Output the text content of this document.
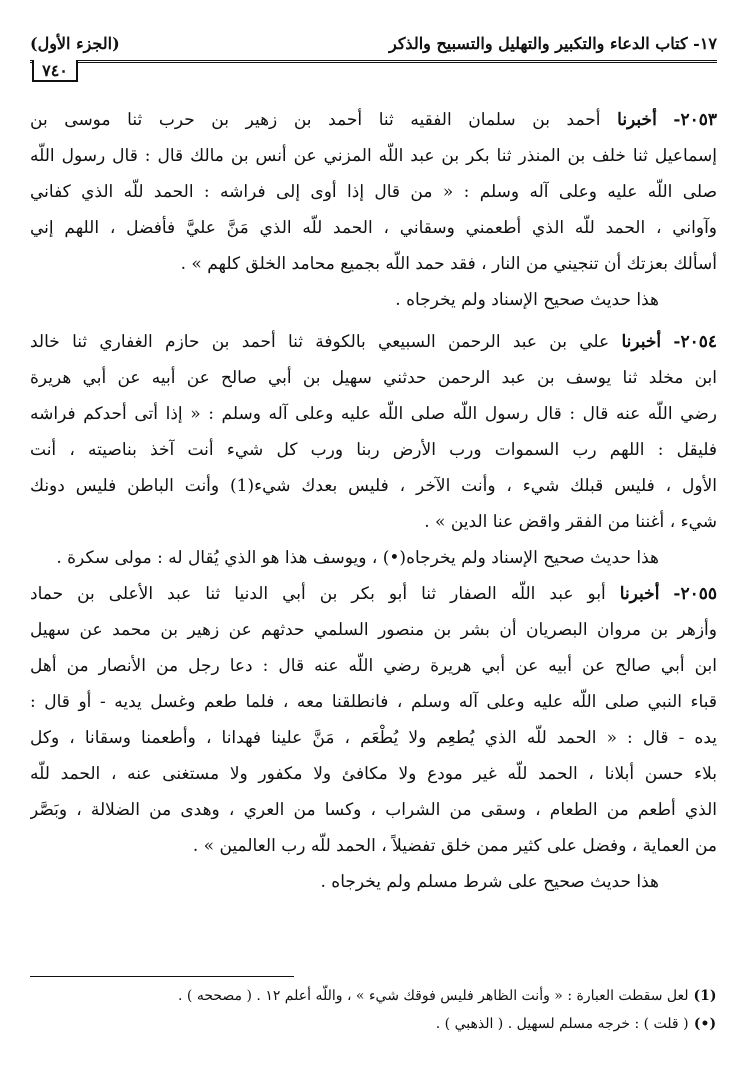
١٧- كتاب الدعاء والتكبير والتهليل والتسبيح والذكر
(الجزء الأول)
٧٤٠
٢٠٥٣- أخبرنا أحمد بن سلمان الفقيه ثنا أحمد بن زهير بن حرب ثنا موسى بن
إسماعيل ثنا خلف بن المنذر ثنا بكر بن عبد اللّه المزني عن أنس بن مالك قال : قال رسول اللّه
صلى اللّه عليه وعلى آله وسلم : « من قال إذا أوى إلى فراشه : الحمد للّه الذي كفاني
وآواني ، الحمد للّه الذي أطعمني وسقاني ، الحمد للّه الذي مَنَّ عليَّ فأفضل ، اللهم إني
أسألك بعزتك أن تنجيني من النار ، فقد حمد اللّه بجميع محامد الخلق كلهم » .
هذا حديث صحيح الإسناد ولم يخرجاه .
٢٠٥٤- أخبرنا علي بن عبد الرحمن السبيعي بالكوفة ثنا أحمد بن حازم الغفاري ثنا خالد
ابن مخلد ثنا يوسف بن عبد الرحمن حدثني سهيل بن أبي صالح عن أبيه عن أبي هريرة
رضي اللّه عنه قال : قال رسول اللّه صلى اللّه عليه وعلى آله وسلم : « إذا أتى أحدكم فراشه
فليقل : اللهم رب السموات ورب الأرض ربنا ورب كل شيء أنت آخذ بناصيته ، أنت
الأول ، فليس قبلك شيء ، وأنت الآخر ، فليس بعدك شيء(1) وأنت الباطن فليس دونك
شيء ، أغننا من الفقر واقض عنا الدين » .
هذا حديث صحيح الإسناد ولم يخرجاه(•) ، ويوسف هذا هو الذي يُقال له : مولى سكرة .
٢٠٥٥- أخبرنا أبو عبد اللّه الصفار ثنا أبو بكر بن أبي الدنيا ثنا عبد الأعلى بن حماد
وأزهر بن مروان البصريان أن بشر بن منصور السلمي حدثهم عن زهير بن محمد عن سهيل
ابن أبي صالح عن أبيه عن أبي هريرة رضي اللّه عنه قال : دعا رجل من الأنصار من أهل
قباء النبي صلى اللّه عليه وعلى آله وسلم ، فانطلقنا معه ، فلما طعم وغسل يديه - أو قال :
يده - قال : « الحمد للّه الذي يُطعِم ولا يُطْعَم ، مَنَّ علينا فهدانا ، وأطعمنا وسقانا ، وكل
بلاء حسن أبلانا ، الحمد للّه غير مودع ولا مكافئ ولا مكفور ولا مستغنى عنه ، الحمد للّه
الذي أطعم من الطعام ، وسقى من الشراب ، وكسا من العري ، وهدى من الضلالة ، وبَصَّر
من العماية ، وفضل على كثير ممن خلق تفضيلاً ، الحمد للّه رب العالمين » .
هذا حديث صحيح على شرط مسلم ولم يخرجاه .
(1) لعل سقطت العبارة : « وأنت الظاهر فليس فوقك شيء » ، واللّه أعلم ١٢ . ( مصححه ) .
(•) ( قلت ) : خرجه مسلم لسهيل . ( الذهبي ) .
